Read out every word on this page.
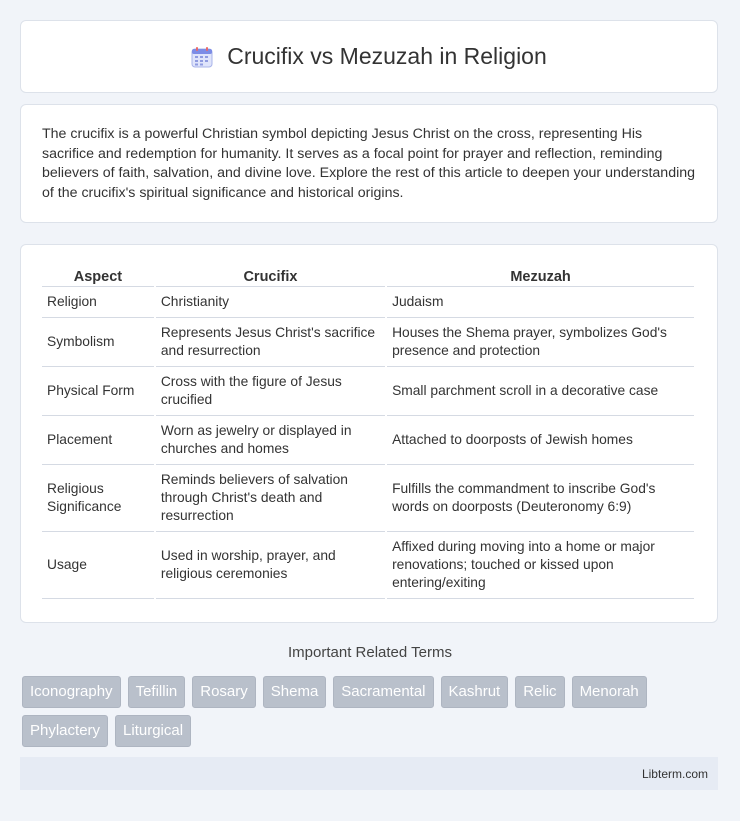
Crucifix vs Mezuzah in Religion

The crucifix is a powerful Christian symbol depicting Jesus Christ on the cross, representing His sacrifice and redemption for humanity. It serves as a focal point for prayer and reflection, reminding believers of faith, salvation, and divine love. Explore the rest of this article to deepen your understanding of the crucifix's spiritual significance and historical origins.

Aspect	Crucifix	Mezuzah
Religion	Christianity	Judaism
Symbolism	Represents Jesus Christ's sacrifice and resurrection	Houses the Shema prayer, symbolizes God's presence and protection
Physical Form	Cross with the figure of Jesus crucified	Small parchment scroll in a decorative case
Placement	Worn as jewelry or displayed in churches and homes	Attached to doorposts of Jewish homes
Religious Significance	Reminds believers of salvation through Christ's death and resurrection	Fulfills the commandment to inscribe God's words on doorposts (Deuteronomy 6:9)
Usage	Used in worship, prayer, and religious ceremonies	Affixed during moving into a home or major renovations; touched or kissed upon entering/exiting
Important Related Terms
Iconography	Tefillin	Rosary	Shema	Sacramental	Kashrut	Relic	Menorah
Phylactery	Liturgical
Libterm.com
